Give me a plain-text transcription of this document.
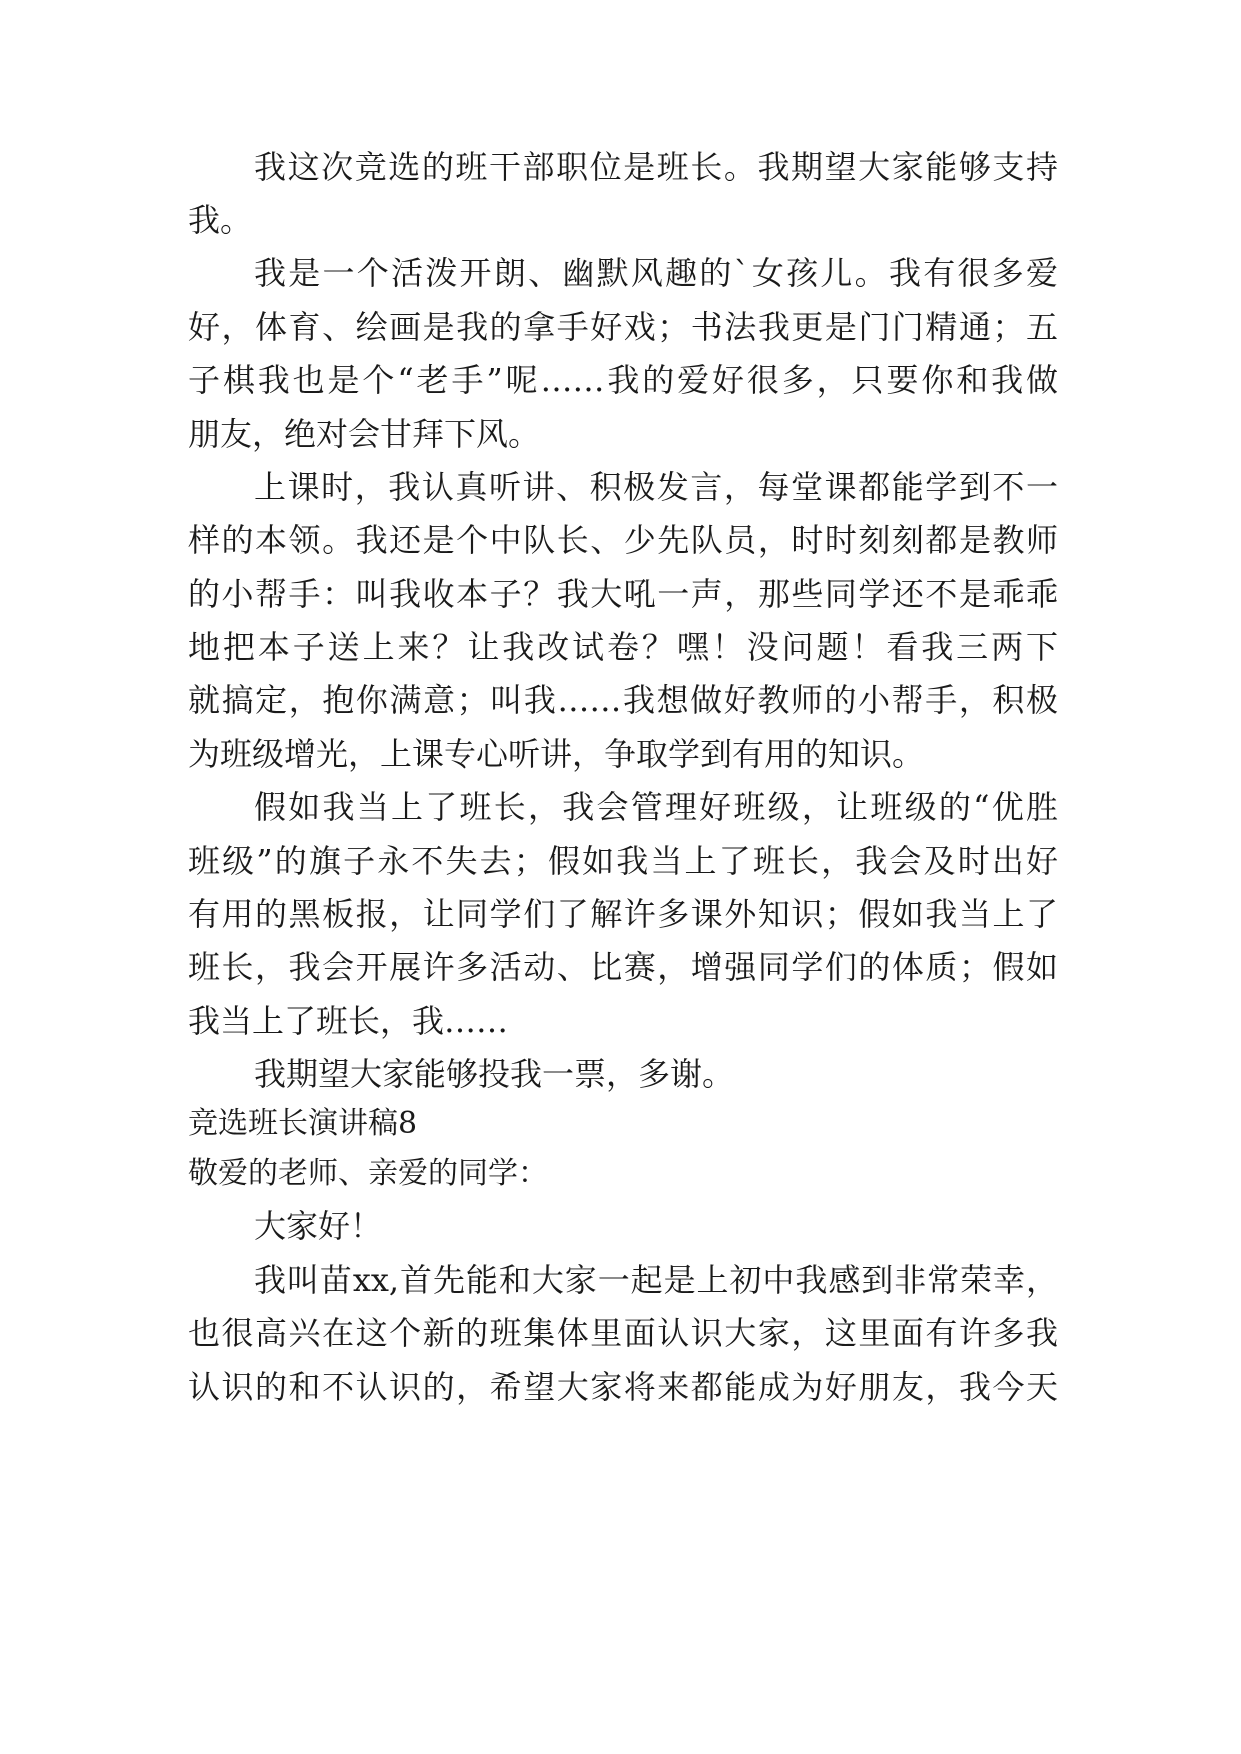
我这次竞选的班干部职位是班长。我期望大家能够支持
我。
我是一个活泼开朗、幽默风趣的`女孩儿。我有很多爱
好，体育、绘画是我的拿手好戏；书法我更是门门精通；五
子棋我也是个“老手”呢……我的爱好很多，只要你和我做
朋友，绝对会甘拜下风。
上课时，我认真听讲、积极发言，每堂课都能学到不一
样的本领。我还是个中队长、少先队员，时时刻刻都是教师
的小帮手：叫我收本子？我大吼一声，那些同学还不是乖乖
地把本子送上来？让我改试卷？嘿！没问题！看我三两下
就搞定，抱你满意；叫我……我想做好教师的小帮手，积极
为班级增光，上课专心听讲，争取学到有用的知识。
假如我当上了班长，我会管理好班级，让班级的“优胜
班级”的旗子永不失去；假如我当上了班长，我会及时出好
有用的黑板报，让同学们了解许多课外知识；假如我当上了
班长，我会开展许多活动、比赛，增强同学们的体质；假如
我当上了班长，我……
我期望大家能够投我一票，多谢。
竞选班长演讲稿8
敬爱的老师、亲爱的同学：
大家好！
我叫苗xx,首先能和大家一起是上初中我感到非常荣幸，
也很高兴在这个新的班集体里面认识大家，这里面有许多我
认识的和不认识的，希望大家将来都能成为好朋友，我今天
